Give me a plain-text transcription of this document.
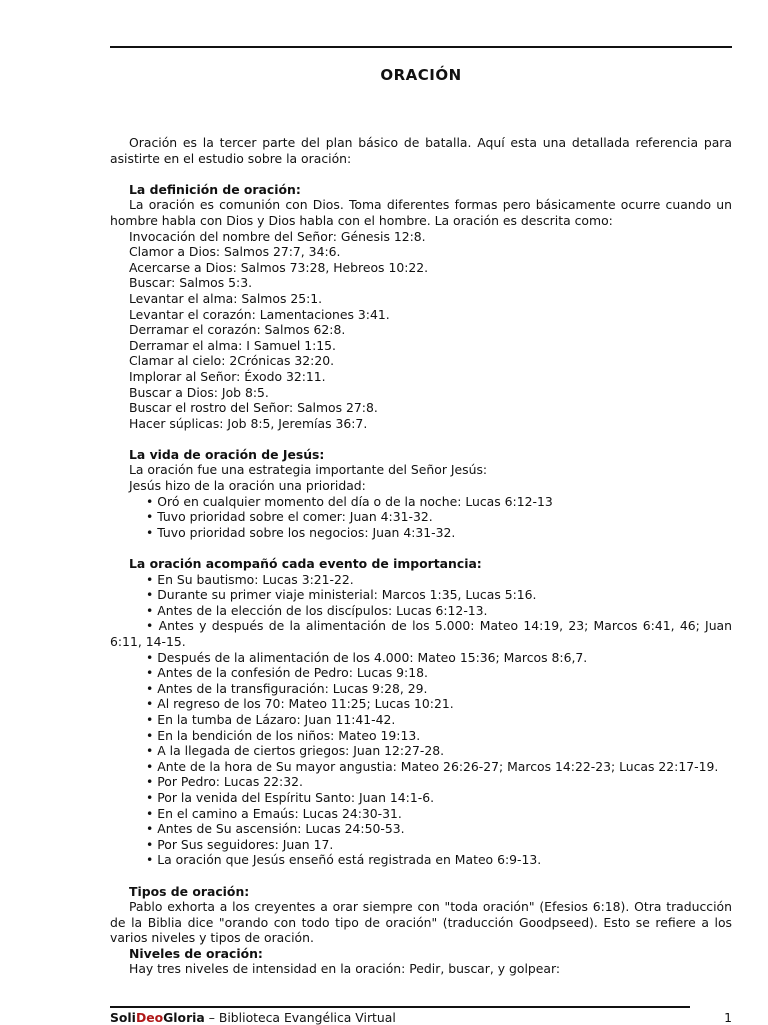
ORACIÓN

Oración es la tercer parte del plan básico de batalla. Aquí esta una detallada referencia para asistirte en el estudio sobre la oración:

La definición de oración:

La oración es comunión con Dios. Toma diferentes formas pero básicamente ocurre cuando un hombre habla con Dios y Dios habla con el hombre. La oración es descrita como:

Invocación del nombre del Señor: Génesis 12:8.

Clamor a Dios: Salmos 27:7, 34:6.

Acercarse a Dios: Salmos 73:28, Hebreos 10:22.

Buscar: Salmos 5:3.

Levantar el alma: Salmos 25:1.

Levantar el corazón: Lamentaciones 3:41.

Derramar el corazón: Salmos 62:8.

Derramar el alma: I Samuel 1:15.

Clamar al cielo: 2Crónicas 32:20.

Implorar al Señor: Éxodo 32:11.

Buscar a Dios: Job 8:5.

Buscar el rostro del Señor: Salmos 27:8.

Hacer súplicas: Job 8:5, Jeremías 36:7.

La vida de oración de Jesús:

La oración fue una estrategia importante del Señor Jesús:

Jesús hizo de la oración una prioridad:

• Oró en cualquier momento del día o de la noche: Lucas 6:12-13

• Tuvo prioridad sobre el comer: Juan 4:31-32.

• Tuvo prioridad sobre los negocios: Juan 4:31-32.

La oración acompañó cada evento de importancia:

• En Su bautismo: Lucas 3:21-22.

• Durante su primer viaje ministerial: Marcos 1:35, Lucas 5:16.

• Antes de la elección de los discípulos: Lucas 6:12-13.

• Antes y después de la alimentación de los 5.000: Mateo 14:19, 23; Marcos 6:41, 46; Juan 6:11, 14-15.

• Después de la alimentación de los 4.000: Mateo 15:36; Marcos 8:6,7.

• Antes de la confesión de Pedro: Lucas 9:18.

• Antes de la transfiguración: Lucas 9:28, 29.

• Al regreso de los 70: Mateo 11:25; Lucas 10:21.

• En la tumba de Lázaro: Juan 11:41-42.

• En la bendición de los niños: Mateo 19:13.

• A la llegada de ciertos griegos: Juan 12:27-28.

• Ante de la hora de Su mayor angustia: Mateo 26:26-27; Marcos 14:22-23; Lucas 22:17-19.

• Por Pedro: Lucas 22:32.

• Por la venida del Espíritu Santo: Juan 14:1-6.

• En el camino a Emaús: Lucas 24:30-31.

• Antes de Su ascensión: Lucas 24:50-53.

• Por Sus seguidores: Juan 17.

• La oración que Jesús enseñó está registrada en Mateo 6:9-13.

Tipos de oración:

Pablo exhorta a los creyentes a orar siempre con "toda oración" (Efesios 6:18). Otra traducción de la Biblia dice "orando con todo tipo de oración" (traducción Goodpseed). Esto se refiere a los varios niveles y tipos de oración.

Niveles de oración:

Hay tres niveles de intensidad en la oración: Pedir, buscar, y golpear:

SoliDeoGloria – Biblioteca Evangélica Virtual	1
